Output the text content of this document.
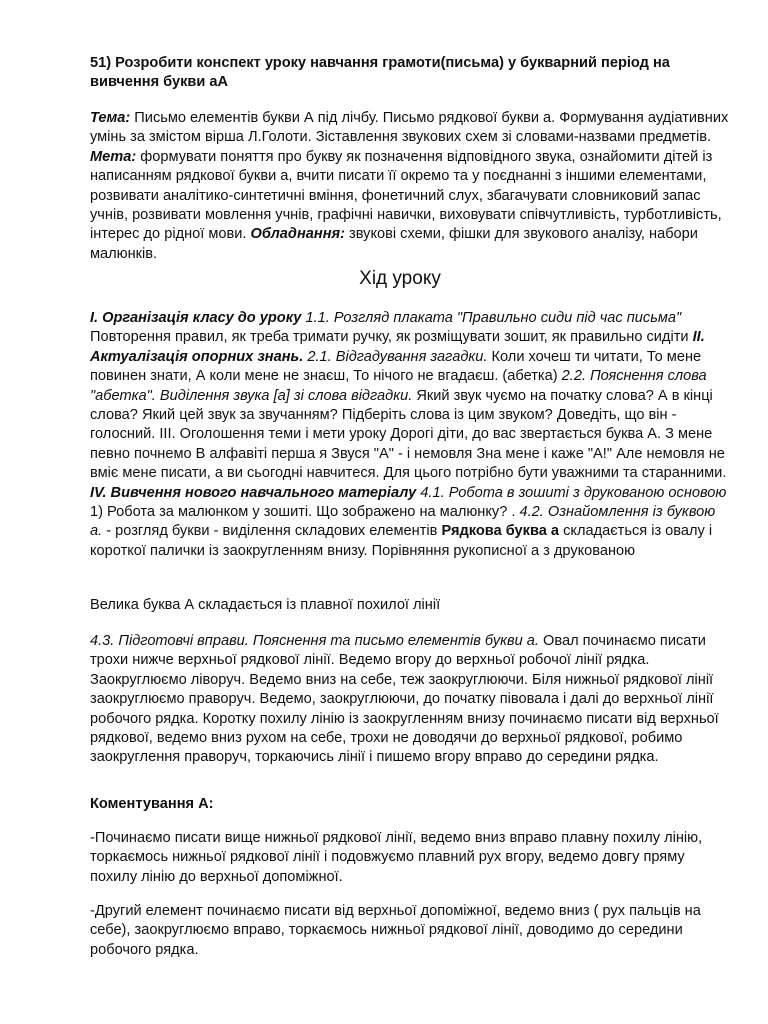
51) Розробити конспект уроку навчання грамоти(письма) у букварний період на вивчення букви аА

Тема: Письмо елементів букви А під лічбу. Письмо рядкової букви а. Формування аудіативних умінь за змістом вірша Л.Голоти. Зіставлення звукових схем зі словами-назвами предметів. Мета: формувати поняття про букву як позначення відповідного звука, ознайомити дітей із написанням рядкової букви а, вчити писати її окремо та у поєднанні з іншими елементами, розвивати аналітико-синтетичні вміння, фонетичний слух, збагачувати словниковий запас учнів, розвивати мовлення учнів, графічні навички, виховувати співчутливість, турботливість, інтерес до рідної мови. Обладнання: звукові схеми, фішки для звукового аналізу, набори малюнків.

Хід уроку

І. Організація класу до уроку 1.1. Розгляд плаката "Правильно сиди під час письма" Повторення правил, як треба тримати ручку, як розміщувати зошит, як правильно сидіти ІІ. Актуалізація опорних знань. 2.1. Відгадування загадки. Коли хочеш ти читати, То мене повинен знати, А коли мене не знаєш, То нічого не вгадаєш. (абетка) 2.2. Пояснення слова "абетка". Виділення звука [а] зі слова відгадки. Який звук чуємо на початку слова? А в кінці слова? Який цей звук за звучанням? Підберіть слова із цим звуком? Доведіть, що він - голосний. ІІІ. Оголошення теми і мети уроку Дорогі діти, до вас звертається буква А. З мене певно почнемо В алфавіті перша я Звуся "А" - і немовля Зна мене і каже "А!" Але немовля не вміє мене писати, а ви сьогодні навчитеся. Для цього потрібно бути уважними та старанними. IV. Вивчення нового навчального матеріалу 4.1. Робота в зошиті з друкованою основою 1) Робота за малюнком у зошиті. Що зображено на малюнку? . 4.2. Ознайомлення із буквою а. - розгляд букви - виділення складових елементів Рядкова буква а складається із овалу і короткої палички із заокругленням внизу. Порівняння рукописної а з друкованою

Велика буква А складається із плавної похилої лінії

4.3. Підготовчі вправи. Пояснення та письмо елементів букви а. Овал починаємо писати трохи нижче верхньої рядкової лінії. Ведемо вгору до верхньої робочої лінії рядка. Заокруглюємо ліворуч. Ведемо вниз на себе, теж заокруглюючи. Біля нижньої рядкової лінії заокруглюємо праворуч. Ведемо, заокруглюючи, до початку півовала і далі до верхньої лінії робочого рядка. Коротку похилу лінію із заокругленням внизу починаємо писати від верхньої рядкової, ведемо вниз рухом на себе, трохи не доводячи до верхньої рядкової, робимо заокруглення праворуч, торкаючись лінії і пишемо вгору вправо до середини рядка.

Коментування А:

-Починаємо писати вище нижньої рядкової лінії, ведемо вниз вправо плавну похилу лінію, торкаємось нижньої рядкової лінії і подовжуємо плавний рух вгору, ведемо довгу пряму похилу лінію до верхньої допоміжної.

-Другий елемент починаємо писати від верхньої допоміжної, ведемо вниз ( рух пальців на себе), заокруглюємо вправо, торкаємось нижньої рядкової лінії, доводимо до середини робочого рядка.
